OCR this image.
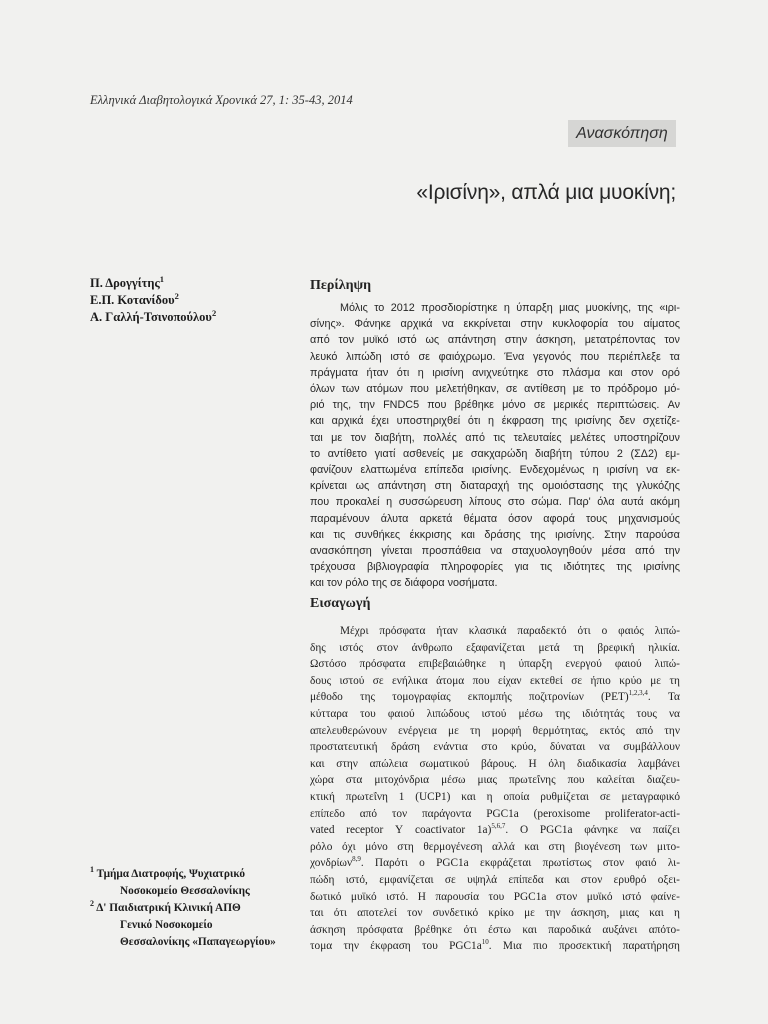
Ελληνικά Διαβητολογικά Χρονικά 27, 1: 35-43, 2014
Ανασκόπηση
«Ιρισίνη», απλά μια μυοκίνη;
Π. Δρογγίτης$^1$
Ε.Π. Κοτανίδου$^2$
Α. Γαλλή-Τσινοπούλου$^2$
$^1$ Τμήμα Διατροφής, Ψυχιατρικό
Νοσοκομείο Θεσσαλονίκης
$^2$ Δ' Παιδιατρική Κλινική ΑΠΘ
Γενικό Νοσοκομείο
Θεσσαλονίκης «Παπαγεωργίου»
Περίληψη
Μόλις το 2012 προσδιορίστηκε η ύπαρξη μιας μυοκίνης, της «ιρι-
σίνης». Φάνηκε αρχικά να εκκρίνεται στην κυκλοφορία του αίματος
από τον μυϊκό ιστό ως απάντηση στην άσκηση, μετατρέποντας τον
λευκό λιπώδη ιστό σε φαιόχρωμο. Ένα γεγονός που περιέπλεξε τα
πράγματα ήταν ότι η ιρισίνη ανιχνεύτηκε στο πλάσμα και στον ορό
όλων των ατόμων που μελετήθηκαν, σε αντίθεση με το πρόδρομο μό-
ριό της, την FNDC5 που βρέθηκε μόνο σε μερικές περιπτώσεις. Αν
και αρχικά έχει υποστηριχθεί ότι η έκφραση της ιρισίνης δεν σχετίζε-
ται με τον διαβήτη, πολλές από τις τελευταίες μελέτες υποστηρίζουν
το αντίθετο γιατί ασθενείς με σακχαρώδη διαβήτη τύπου 2 (ΣΔ2) εμ-
φανίζουν ελαττωμένα επίπεδα ιρισίνης. Ενδεχομένως η ιρισίνη να εκ-
κρίνεται ως απάντηση στη διαταραχή της ομοιόστασης της γλυκόζης
που προκαλεί η συσσώρευση λίπους στο σώμα. Παρ' όλα αυτά ακόμη
παραμένουν άλυτα αρκετά θέματα όσον αφορά τους μηχανισμούς
και τις συνθήκες έκκρισης και δράσης της ιρισίνης. Στην παρούσα
ανασκόπηση γίνεται προσπάθεια να σταχυολογηθούν μέσα από την
τρέχουσα βιβλιογραφία πληροφορίες για τις ιδιότητες της ιρισίνης
και τον ρόλο της σε διάφορα νοσήματα.
Εισαγωγή
Μέχρι πρόσφατα ήταν κλασικά παραδεκτό ότι ο φαιός λιπώ-
δης ιστός στον άνθρωπο εξαφανίζεται μετά τη βρεφική ηλικία.
Ωστόσο πρόσφατα επιβεβαιώθηκε η ύπαρξη ενεργού φαιού λιπώ-
δους ιστού σε ενήλικα άτομα που είχαν εκτεθεί σε ήπιο κρύο με τη
μέθοδο της τομογραφίας εκπομπής ποζιτρονίων (PET)$^{1,2,3,4}$. Τα
κύτταρα του φαιού λιπώδους ιστού μέσω της ιδιότητάς τους να
απελευθερώνουν ενέργεια με τη μορφή θερμότητας, εκτός από την
προστατευτική δράση ενάντια στο κρύο, δύναται να συμβάλλουν
και στην απώλεια σωματικού βάρους. Η όλη διαδικασία λαμβάνει
χώρα στα μιτοχόνδρια μέσω μιας πρωτεΐνης που καλείται διαζευ-
κτική πρωτεΐνη 1 (UCP1) και η οποία ρυθμίζεται σε μεταγραφικό
επίπεδο από τον παράγοντα PGC1a (peroxisome proliferator-acti-
vated receptor Y coactivator 1a)$^{5,6,7}$. Ο PGC1a φάνηκε να παίζει
ρόλο όχι μόνο στη θερμογένεση αλλά και στη βιογένεση των μιτο-
χονδρίων$^{8,9}$. Παρότι ο PGC1a εκφράζεται πρωτίστως στον φαιό λι-
πώδη ιστό, εμφανίζεται σε υψηλά επίπεδα και στον ερυθρό οξει-
δωτικό μυϊκό ιστό. Η παρουσία του PGC1a στον μυϊκό ιστό φαίνε-
ται ότι αποτελεί τον συνδετικό κρίκο με την άσκηση, μιας και η
άσκηση πρόσφατα βρέθηκε ότι έστω και παροδικά αυξάνει απότο-
τομα την έκφραση του PGC1a$^{10}$. Μια πιο προσεκτική παρατήρηση
